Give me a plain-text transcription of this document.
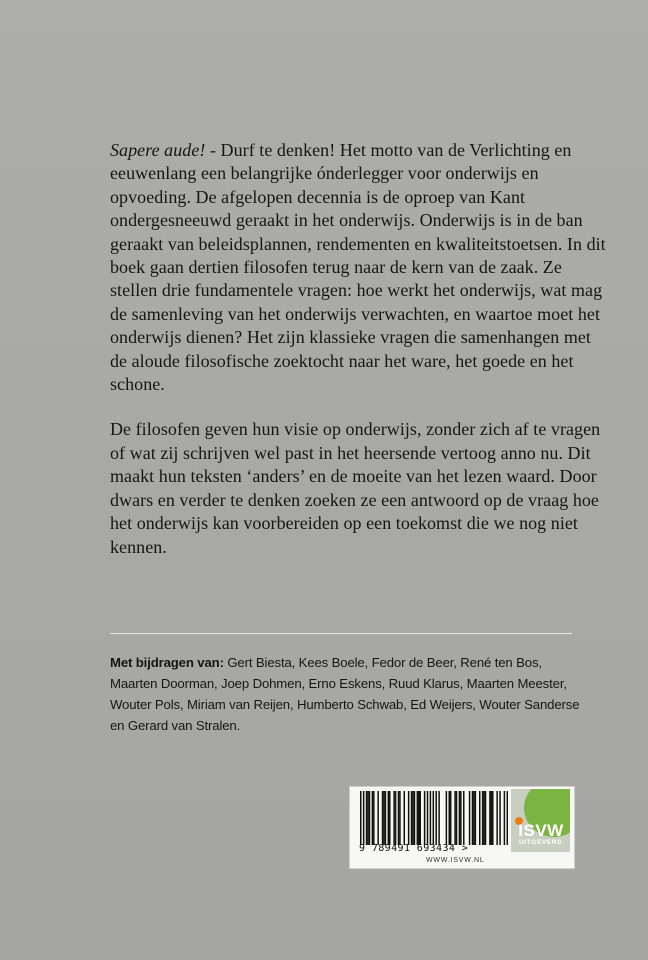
Sapere aude! - Durf te denken! Het motto van de Verlichting en eeuwenlang een belangrijke ónderlegger voor onderwijs en opvoeding. De afgelopen decennia is de oproep van Kant ondergesneeuwd geraakt in het onderwijs. Onderwijs is in de ban geraakt van beleidsplannen, rendementen en kwaliteitstoetsen. In dit boek gaan dertien filosofen terug naar de kern van de zaak. Ze stellen drie fundamentele vragen: hoe werkt het onderwijs, wat mag de samenleving van het onderwijs verwachten, en waartoe moet het onderwijs dienen? Het zijn klassieke vragen die samenhangen met de aloude filosofische zoektocht naar het ware, het goede en het schone.

De filosofen geven hun visie op onderwijs, zonder zich af te vragen of wat zij schrijven wel past in het heersende vertoog anno nu. Dit maakt hun teksten ‘anders’ en de moeite van het lezen waard. Door dwars en verder te denken zoeken ze een antwoord op de vraag hoe het onderwijs kan voorbereiden op een toekomst die we nog niet kennen.

Met bijdragen van: Gert Biesta, Kees Boele, Fedor de Beer, René ten Bos, Maarten Doorman, Joep Dohmen, Erno Eskens, Ruud Klarus, Maarten Meester, Wouter Pols, Miriam van Reijen, Humberto Schwab, Ed Weijers, Wouter Sanderse en Gerard van Stralen.
9 789491 693434 >
WWW.ISVW.NL
ISVW
UITGEVERS
